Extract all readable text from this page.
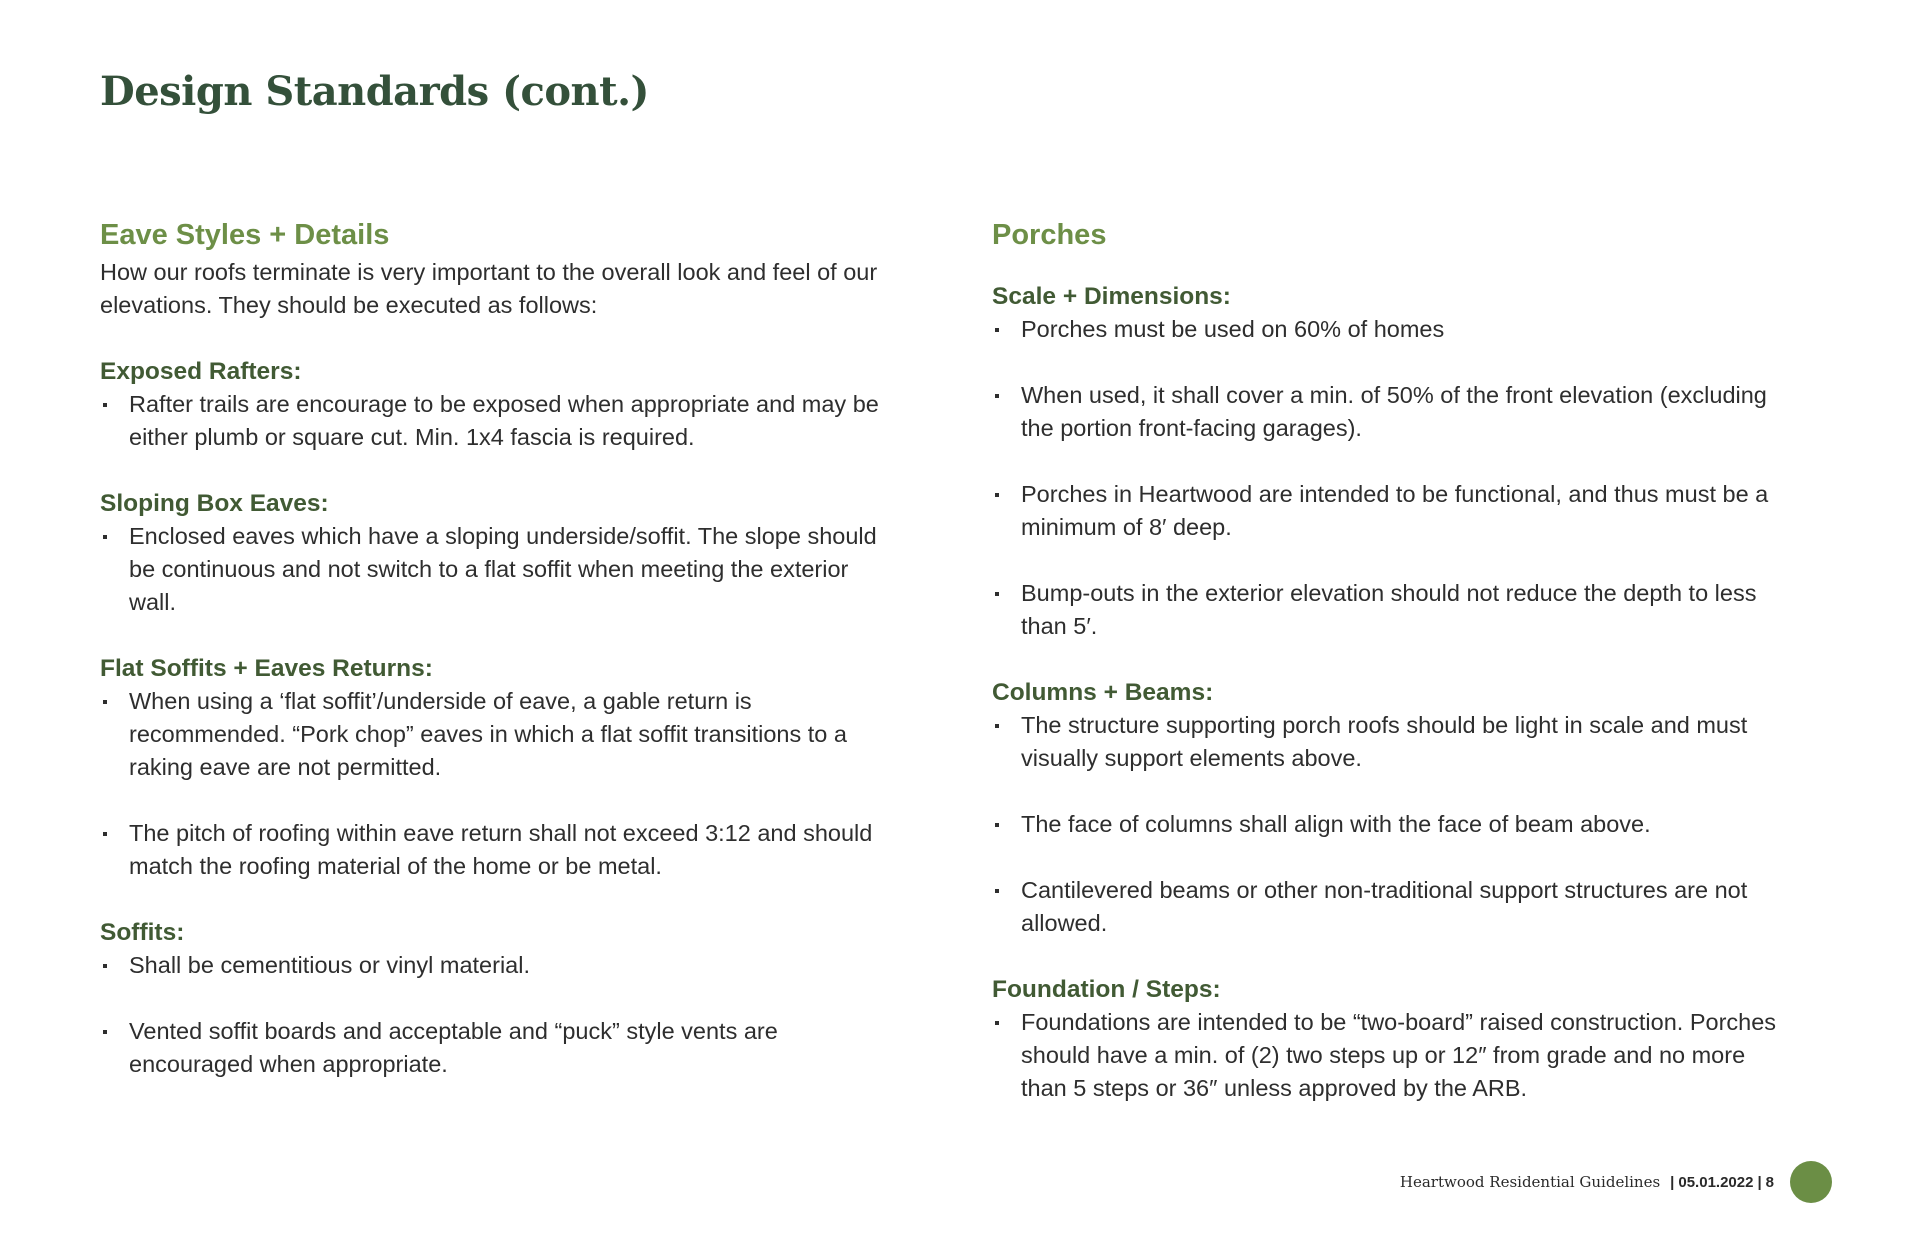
Design Standards (cont.)
Eave Styles + Details

How our roofs terminate is very important to the overall look and feel of our elevations. They should be executed as follows:

Exposed Rafters:
Rafter trails are encourage to be exposed when appropriate and may be either plumb or square cut. Min. 1x4 fascia is required.
Sloping Box Eaves:
Enclosed eaves which have a sloping underside/soffit. The slope should be continuous and not switch to a flat soffit when meeting the exterior wall.
Flat Soffits + Eaves Returns:
When using a ‘flat soffit’/underside of eave, a gable return is recommended. “Pork chop” eaves in which a flat soffit transitions to a raking eave are not permitted.
The pitch of roofing within eave return shall not exceed 3:12 and should match the roofing material of the home or be metal.
Soffits:
Shall be cementitious or vinyl material.
Vented soffit boards and acceptable and “puck” style vents are encouraged when appropriate.
Porches
Scale + Dimensions:
Porches must be used on 60% of homes
When used, it shall cover a min. of 50% of the front elevation (excluding the portion front-facing garages).
Porches in Heartwood are intended to be functional, and thus must be a minimum of 8′ deep.
Bump-outs in the exterior elevation should not reduce the depth to less than 5′.
Columns + Beams:
The structure supporting porch roofs should be light in scale and must visually support elements above.
The face of columns shall align with the face of beam above.
Cantilevered beams or other non-traditional support structures are not allowed.
Foundation / Steps:
Foundations are intended to be “two-board” raised construction. Porches should have a min. of (2) two steps up or 12″ from grade and no more than 5 steps or 36″ unless approved by the ARB.
Heartwood Residential Guidelines | 05.01.2022 | 8
